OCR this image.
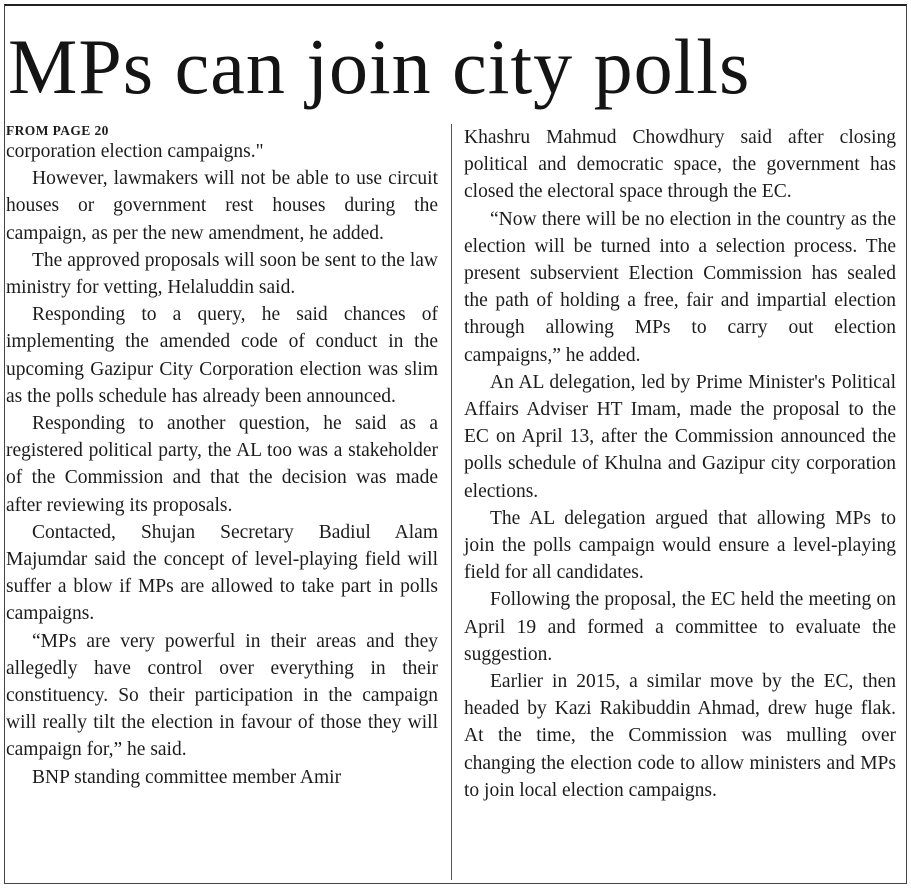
MPs can join city polls
FROM PAGE 20

corporation election campaigns."

However, lawmakers will not be able to use circuit houses or government rest houses during the campaign, as per the new amendment, he added.

The approved proposals will soon be sent to the law ministry for vetting, Helaluddin said.

Responding to a query, he said chances of implementing the amended code of conduct in the upcoming Gazipur City Corporation election was slim as the polls schedule has already been announced.

Responding to another question, he said as a registered political party, the AL too was a stakeholder of the Commission and that the decision was made after reviewing its proposals.

Contacted, Shujan Secretary Badiul Alam Majumdar said the concept of level-playing field will suffer a blow if MPs are allowed to take part in polls campaigns.

“MPs are very powerful in their areas and they allegedly have control over everything in their constituency. So their participation in the campaign will really tilt the election in favour of those they will campaign for,” he said.

BNP standing committee member Amir

Khashru Mahmud Chowdhury said after closing political and democratic space, the government has closed the electoral space through the EC.

“Now there will be no election in the country as the election will be turned into a selection process. The present subservient Election Commission has sealed the path of holding a free, fair and impartial election through allowing MPs to carry out election campaigns,” he added.

An AL delegation, led by Prime Minister's Political Affairs Adviser HT Imam, made the proposal to the EC on April 13, after the Commission announced the polls schedule of Khulna and Gazipur city corporation elections.

The AL delegation argued that allowing MPs to join the polls campaign would ensure a level-playing field for all candidates.

Following the proposal, the EC held the meeting on April 19 and formed a committee to evaluate the suggestion.

Earlier in 2015, a similar move by the EC, then headed by Kazi Rakibuddin Ahmad, drew huge flak. At the time, the Commission was mulling over changing the election code to allow ministers and MPs to join local election campaigns.
